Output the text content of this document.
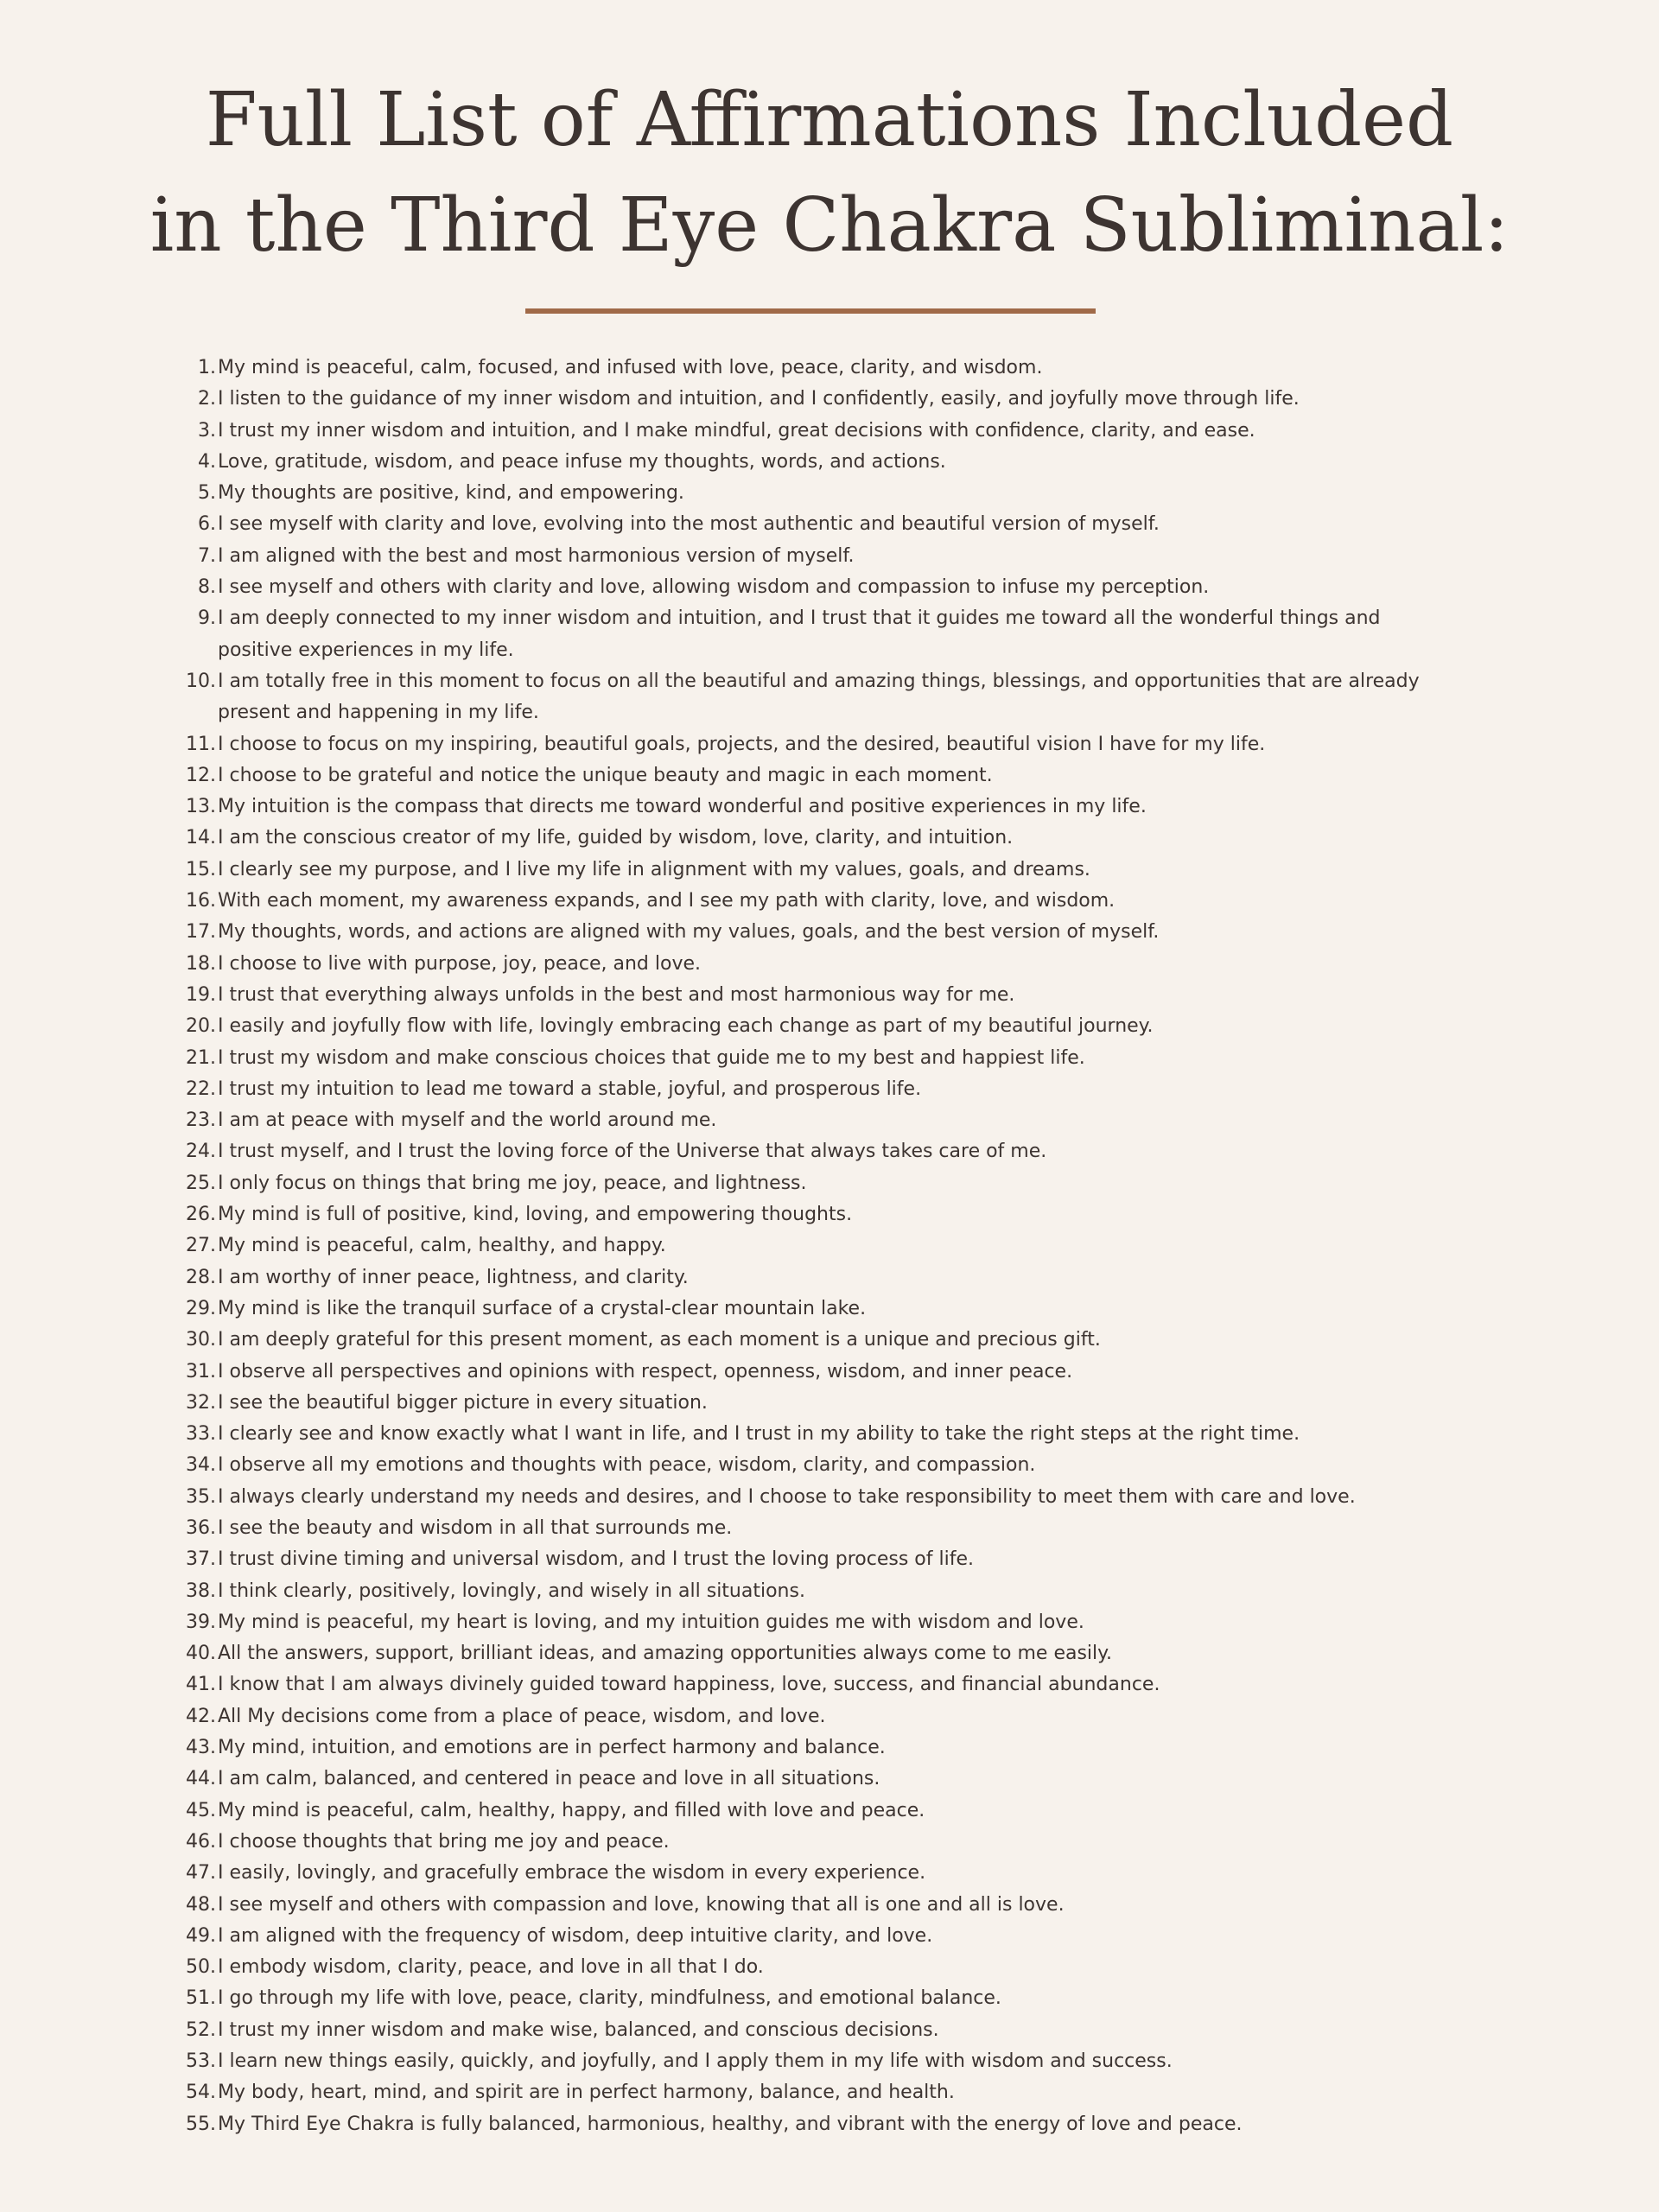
Full List of Affirmations Included
in the Third Eye Chakra Subliminal:
1. My mind is peaceful, calm, focused, and infused with love, peace, clarity, and wisdom.
2. I listen to the guidance of my inner wisdom and intuition, and I confidently, easily, and joyfully move through life.
3. I trust my inner wisdom and intuition, and I make mindful, great decisions with confidence, clarity, and ease.
4. Love, gratitude, wisdom, and peace infuse my thoughts, words, and actions.
5. My thoughts are positive, kind, and empowering.
6. I see myself with clarity and love, evolving into the most authentic and beautiful version of myself.
7. I am aligned with the best and most harmonious version of myself.
8. I see myself and others with clarity and love, allowing wisdom and compassion to infuse my perception.
9. I am deeply connected to my inner wisdom and intuition, and I trust that it guides me toward all the wonderful things and positive experiences in my life.
10. I am totally free in this moment to focus on all the beautiful and amazing things, blessings, and opportunities that are already present and happening in my life.
11. I choose to focus on my inspiring, beautiful goals, projects, and the desired, beautiful vision I have for my life.
12. I choose to be grateful and notice the unique beauty and magic in each moment.
13. My intuition is the compass that directs me toward wonderful and positive experiences in my life.
14. I am the conscious creator of my life, guided by wisdom, love, clarity, and intuition.
15. I clearly see my purpose, and I live my life in alignment with my values, goals, and dreams.
16. With each moment, my awareness expands, and I see my path with clarity, love, and wisdom.
17. My thoughts, words, and actions are aligned with my values, goals, and the best version of myself.
18. I choose to live with purpose, joy, peace, and love.
19. I trust that everything always unfolds in the best and most harmonious way for me.
20. I easily and joyfully flow with life, lovingly embracing each change as part of my beautiful journey.
21. I trust my wisdom and make conscious choices that guide me to my best and happiest life.
22. I trust my intuition to lead me toward a stable, joyful, and prosperous life.
23. I am at peace with myself and the world around me.
24. I trust myself, and I trust the loving force of the Universe that always takes care of me.
25. I only focus on things that bring me joy, peace, and lightness.
26. My mind is full of positive, kind, loving, and empowering thoughts.
27. My mind is peaceful, calm, healthy, and happy.
28. I am worthy of inner peace, lightness, and clarity.
29. My mind is like the tranquil surface of a crystal-clear mountain lake.
30. I am deeply grateful for this present moment, as each moment is a unique and precious gift.
31. I observe all perspectives and opinions with respect, openness, wisdom, and inner peace.
32. I see the beautiful bigger picture in every situation.
33. I clearly see and know exactly what I want in life, and I trust in my ability to take the right steps at the right time.
34. I observe all my emotions and thoughts with peace, wisdom, clarity, and compassion.
35. I always clearly understand my needs and desires, and I choose to take responsibility to meet them with care and love.
36. I see the beauty and wisdom in all that surrounds me.
37. I trust divine timing and universal wisdom, and I trust the loving process of life.
38. I think clearly, positively, lovingly, and wisely in all situations.
39. My mind is peaceful, my heart is loving, and my intuition guides me with wisdom and love.
40. All the answers, support, brilliant ideas, and amazing opportunities always come to me easily.
41. I know that I am always divinely guided toward happiness, love, success, and financial abundance.
42. All My decisions come from a place of peace, wisdom, and love.
43. My mind, intuition, and emotions are in perfect harmony and balance.
44. I am calm, balanced, and centered in peace and love in all situations.
45. My mind is peaceful, calm, healthy, happy, and filled with love and peace.
46. I choose thoughts that bring me joy and peace.
47. I easily, lovingly, and gracefully embrace the wisdom in every experience.
48. I see myself and others with compassion and love, knowing that all is one and all is love.
49. I am aligned with the frequency of wisdom, deep intuitive clarity, and love.
50. I embody wisdom, clarity, peace, and love in all that I do.
51. I go through my life with love, peace, clarity, mindfulness, and emotional balance.
52. I trust my inner wisdom and make wise, balanced, and conscious decisions.
53. I learn new things easily, quickly, and joyfully, and I apply them in my life with wisdom and success.
54. My body, heart, mind, and spirit are in perfect harmony, balance, and health.
55. My Third Eye Chakra is fully balanced, harmonious, healthy, and vibrant with the energy of love and peace.
